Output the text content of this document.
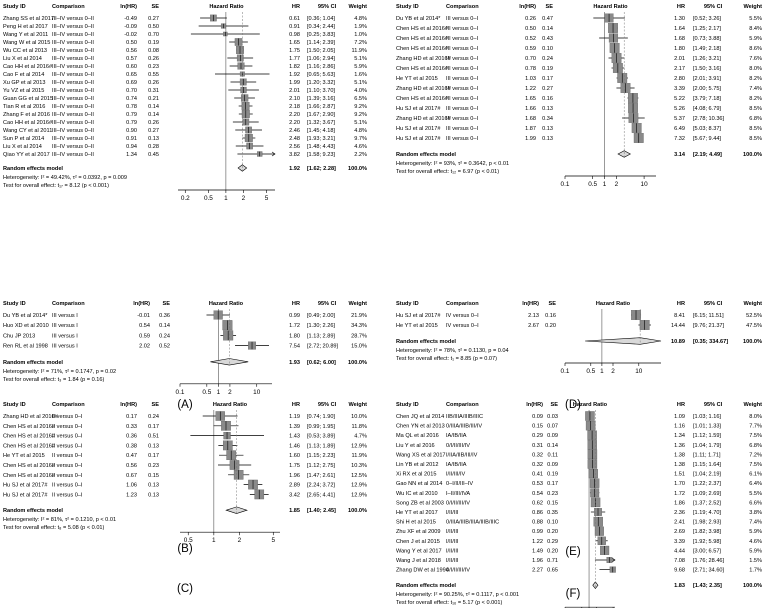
Study ID	Comparison	ln(HR)	SE	Hazard Ratio	HR	95% CI Weight
Zhang SS et al 2017
III–IV versus 0–II	-0.49 0.27	0.61 [0.36; 1.04]	4.8%
Peng H et al 2017 III–IV versus 0–II	-0.09 0.50	0.91 [0.34; 2.44]	1.9%
Wang Y et al 2011 III–IV versus 0–II	-0.02 0.70	0.98 [0.25; 3.83]	1.0%
Wang W et al 2015 III–IV versus 0–II	0.50 0.19	1.65 [1.14; 2.39]	7.2%
Wu CC et al 2013 III–IV versus 0–II	0.56 0.08	1.75 [1.50; 2.05]	11.9%
Liu X et al 2014 III–IV versus 0–II	0.57 0.26	1.77 [1.06; 2.94]	5.1%
Cao HH et al 2016# III–IV versus 0–II	0.60 0.23	1.82 [1.16; 2.86]	5.9%
Cao F et al 2014 III–IV versus 0–II	0.65 0.55	1.92 [0.65; 5.63]	1.6%
Xu GP et al 2013 III–IV versus 0–II	0.69 0.26	1.99 [1.20; 3.32]	5.1%
Yu VZ et al 2015 III–IV versus 0–II	0.70 0.31	2.01 [1.10; 3.70]	4.0%
Guan GG et al 2015
III–IV versus 0–II	0.74 0.21	2.10 [1.39; 3.16]	6.5%
Tian R et al 2016 III–IV versus 0–II	0.78 0.14	2.18 [1.66; 2.87]	9.2%
Zhang F et al 2016 III–IV versus 0–II	0.79 0.14	2.20 [1.67; 2.90]	9.2%
Cao HH et al 2016# III–IV versus 0–II	0.79 0.26	2.20 [1.32; 3.67]	5.1%
Wang CY et al 2011 III–IV versus 0–II	0.90 0.27	2.46 [1.45; 4.18]	4.8%
Sun P et al 2014 III–IV versus 0–II	0.91 0.13	2.48 [1.93; 3.21]	9.7%
Liu X et al 2014 III–IV versus 0–II	0.94 0.28	2.56 [1.48; 4.43]	4.6%
Qiao YY et al 2017 III–IV versus 0–II	1.34 0.45	3.82 [1.58; 9.23]	2.2%
Random effects model	1.92 [1.62; 2.28] 100.0%
Heterogeneity: I² = 49.42%, τ² = 0.0392, p = 0.009
Test for overall effect: t₁₇ = 8.12 (p < 0.001)
0.2 0.5 1 2	5
(A)
Study ID	Comparison	ln(HR) SE	Hazard Ratio	HR	95% CI Weight
Du YB et al 2014* III versus I	-0.01 0.36	0.99 [0.49; 2.00]	21.9%
Huo XD et al 2010 III versus I	0.54 0.14	1.72 [1.30; 2.26]	34.3%
Chu JP 2013	III versus I	0.59 0.24	1.80 [1.13; 2.89]	28.7%
Ren RL et al 1998 III versus I	2.02 0.52	7.54 [2.72; 20.89] 15.0%
Random effects model	1.93 [0.62; 6.00] 100.0%
Heterogeneity: I² = 71%, τ² = 0.1747, p = 0.02
Test for overall effect: t₃ = 1.84 (p = 0.16)
0.1	0.5 1 2	10
(B)
Study ID	Comparison	ln(HR)	SE	Hazard Ratio	HR	95% CI Weight
Zhang HD et al 2016#
II versus 0–I	0.17 0.24	1.19 [0.74; 1.90]	10.0%
Chen HS et al 2016#
II versus 0–I	0.33 0.17	1.39 [0.99; 1.95]	11.8%
Chen HS et al 2016#
II versus 0–I	0.36 0.51	1.43 [0.53; 3.89]	4.7%
Chen HS et al 2016#
II versus 0–I	0.38 0.13	1.46 [1.13; 1.89]	12.9%
He YT et al 2015 II versus 0–I	0.47 0.17	1.60 [1.15; 2.23]	11.9%
Chen HS et al 2016#
II versus 0–I	0.56 0.23	1.75 [1.12; 2.75]	10.3%
Chen HS et al 2016#
II versus 0–I	0.67 0.15	1.96 [1.47; 2.61]	12.5%
Hu SJ et al 2017# II versus 0–I	1.06 0.13	2.89 [2.24; 3.72]	12.9%
Hu SJ et al 2017# II versus 0–I	1.23 0.13	3.42 [2.65; 4.41]	12.9%
Random effects model	1.85 [1.40; 2.45] 100.0%
Heterogeneity: I² = 81%, τ² = 0.1210, p < 0.01
Test for overall effect: t₈ = 5.08 (p < 0.01)
0.5	1	2	5
(C)
Study ID	Comparison	ln(HR) SE	Hazard Ratio	HR	95% CI	Weight
Du YB et al 2014* III versus 0–I	0.26 0.47	1.30 [0.52; 3.26]	5.5%
Chen HS et al 2016#
III versus 0–I	0.50 0.14	1.64 [1.25; 2.17]	8.4%
Chen HS et al 2016#
III versus 0–I	0.52 0.43	1.68 [0.73; 3.88]	5.9%
Chen HS et al 2016#
III versus 0–I	0.59 0.10	1.80 [1.49; 2.18]	8.6%
Zhang HD et al 2016#
III versus 0–I	0.70 0.24	2.01 [1.26; 3.21]	7.6%
Chen HS et al 2016#
III versus 0–I	0.78 0.19	2.17 [1.50; 3.16]	8.0%
He YT et al 2015 III versus 0–I	1.03 0.17	2.80 [2.01; 3.91]	8.2%
Zhang HD et al 2016#
III versus 0–I	1.22 0.27	3.39 [2.00; 5.75]	7.4%
Chen HS et al 2016#
III versus 0–I	1.65 0.16	5.22 [3.79; 7.18]	8.2%
Hu SJ et al 2017# III versus 0–I	1.66 0.13	5.26 [4.08; 6.79]	8.5%
Zhang HD et al 2016#
III versus 0–I	1.68 0.34	5.37 [2.78; 10.36]	6.8%
Hu SJ et al 2017# III versus 0–I	1.87 0.13	6.49 [5.03; 8.37]	8.5%
Hu SJ et al 2017# III versus 0–I	1.99 0.13	7.32 [5.67; 9.44]	8.5%
Random effects model	3.14 [2.19; 4.49]	100.0%
Heterogeneity: I² = 93%, τ² = 0.3642, p < 0.01
Test for overall effect: t₁₂ = 6.97 (p < 0.01)
0.1	0.5 1 2	10
(D)
Study ID	Comparison	ln(HR) SE	Hazard Ratio	HR	95% CI	Weight
Hu SJ et al 2017# IV versus 0–I	2.13 0.16	8.41 [6.15; 11.51]	52.5%
He YT et al 2015 IV versus 0–I	2.67 0.20	14.44 [9.76; 21.37]	47.5%
Random effects model	10.89 [0.35; 334.67]	100.0%
Heterogeneity: I² = 78%, τ² = 0.1130, p = 0.04
Test for overall effect: t₁ = 8.85 (p = 0.07)
0.1	0.5 1 2	10
(E)
Study ID	Comparison	ln(HR) SE	Hazard Ratio	HR	95% CI	Weight
Chen JQ et al 2014 IIB/IIIA/IIIB/IIIC	0.09 0.03	1.09 [1.03; 1.16]	8.0%
Chen YN et al 2013 0/IIIA/IIIB/III/IV	0.15 0.07	1.16 [1.01; 1.33]	7.7%
Ma QL et al 2016 IA/IB/IIA	0.29 0.09	1.34 [1.12; 1.59]	7.5%
Liu Y et al 2016 0/I/II/III/IV	0.31 0.14	1.36 [1.04; 1.79]	6.8%
Wang XS et al 2017 I/IIA/IIB/III/IV	0.32 0.11	1.38 [1.11; 1.71]	7.2%
Lin YB et al 2012 IA/IB/IIA	0.32 0.09	1.38 [1.15; 1.64]	7.5%
Xi RX et al 2015 I/II/III/IV	0.41 0.19	1.51 [1.04; 2.19]	6.1%
Gao NN et al 2014 0–I/II/III–IV	0.53 0.17	1.70 [1.22; 2.37]	6.4%
Wu IC et al 2010 I–II/III/IVA	0.54 0.23	1.72 [1.09; 2.69]	5.5%
Song ZB et al 2003 0/I/II/III/IV	0.62 0.15	1.86 [1.37; 2.52]	6.6%
He YT et al 2017 I/II/III	0.86 0.35	2.36 [1.19; 4.70]	3.8%
Shi H et al 2015 0/IIIA/IIIB/IIIA/IIIB/IIIC	0.88 0.10	2.41 [1.98; 2.93]	7.4%
Zhu XF et al 2009 I/II/III	0.99 0.20	2.69 [1.82; 3.98]	5.9%
Chen J et al 2015 I/II/III	1.22 0.29	3.39 [1.92; 5.98]	4.6%
Wang Y et al 2017 I/II/III	1.49 0.20	4.44 [3.00; 6.57]	5.9%
Wang J et al 2018 I/II/III	1.96 0.71	7.08 [1.76; 28.46]	1.5%
Zhang DW et al 1994
0/I/II/III/IV	2.27 0.65	9.68 [2.71; 34.60]	1.7%
Random effects model	1.83 [1.43; 2.35]	100.0%
Heterogeneity: I² = 90.25%, τ² = 0.1117, p < 0.001
Test for overall effect: t₁₆ = 5.17 (p < 0.001)
(F)
